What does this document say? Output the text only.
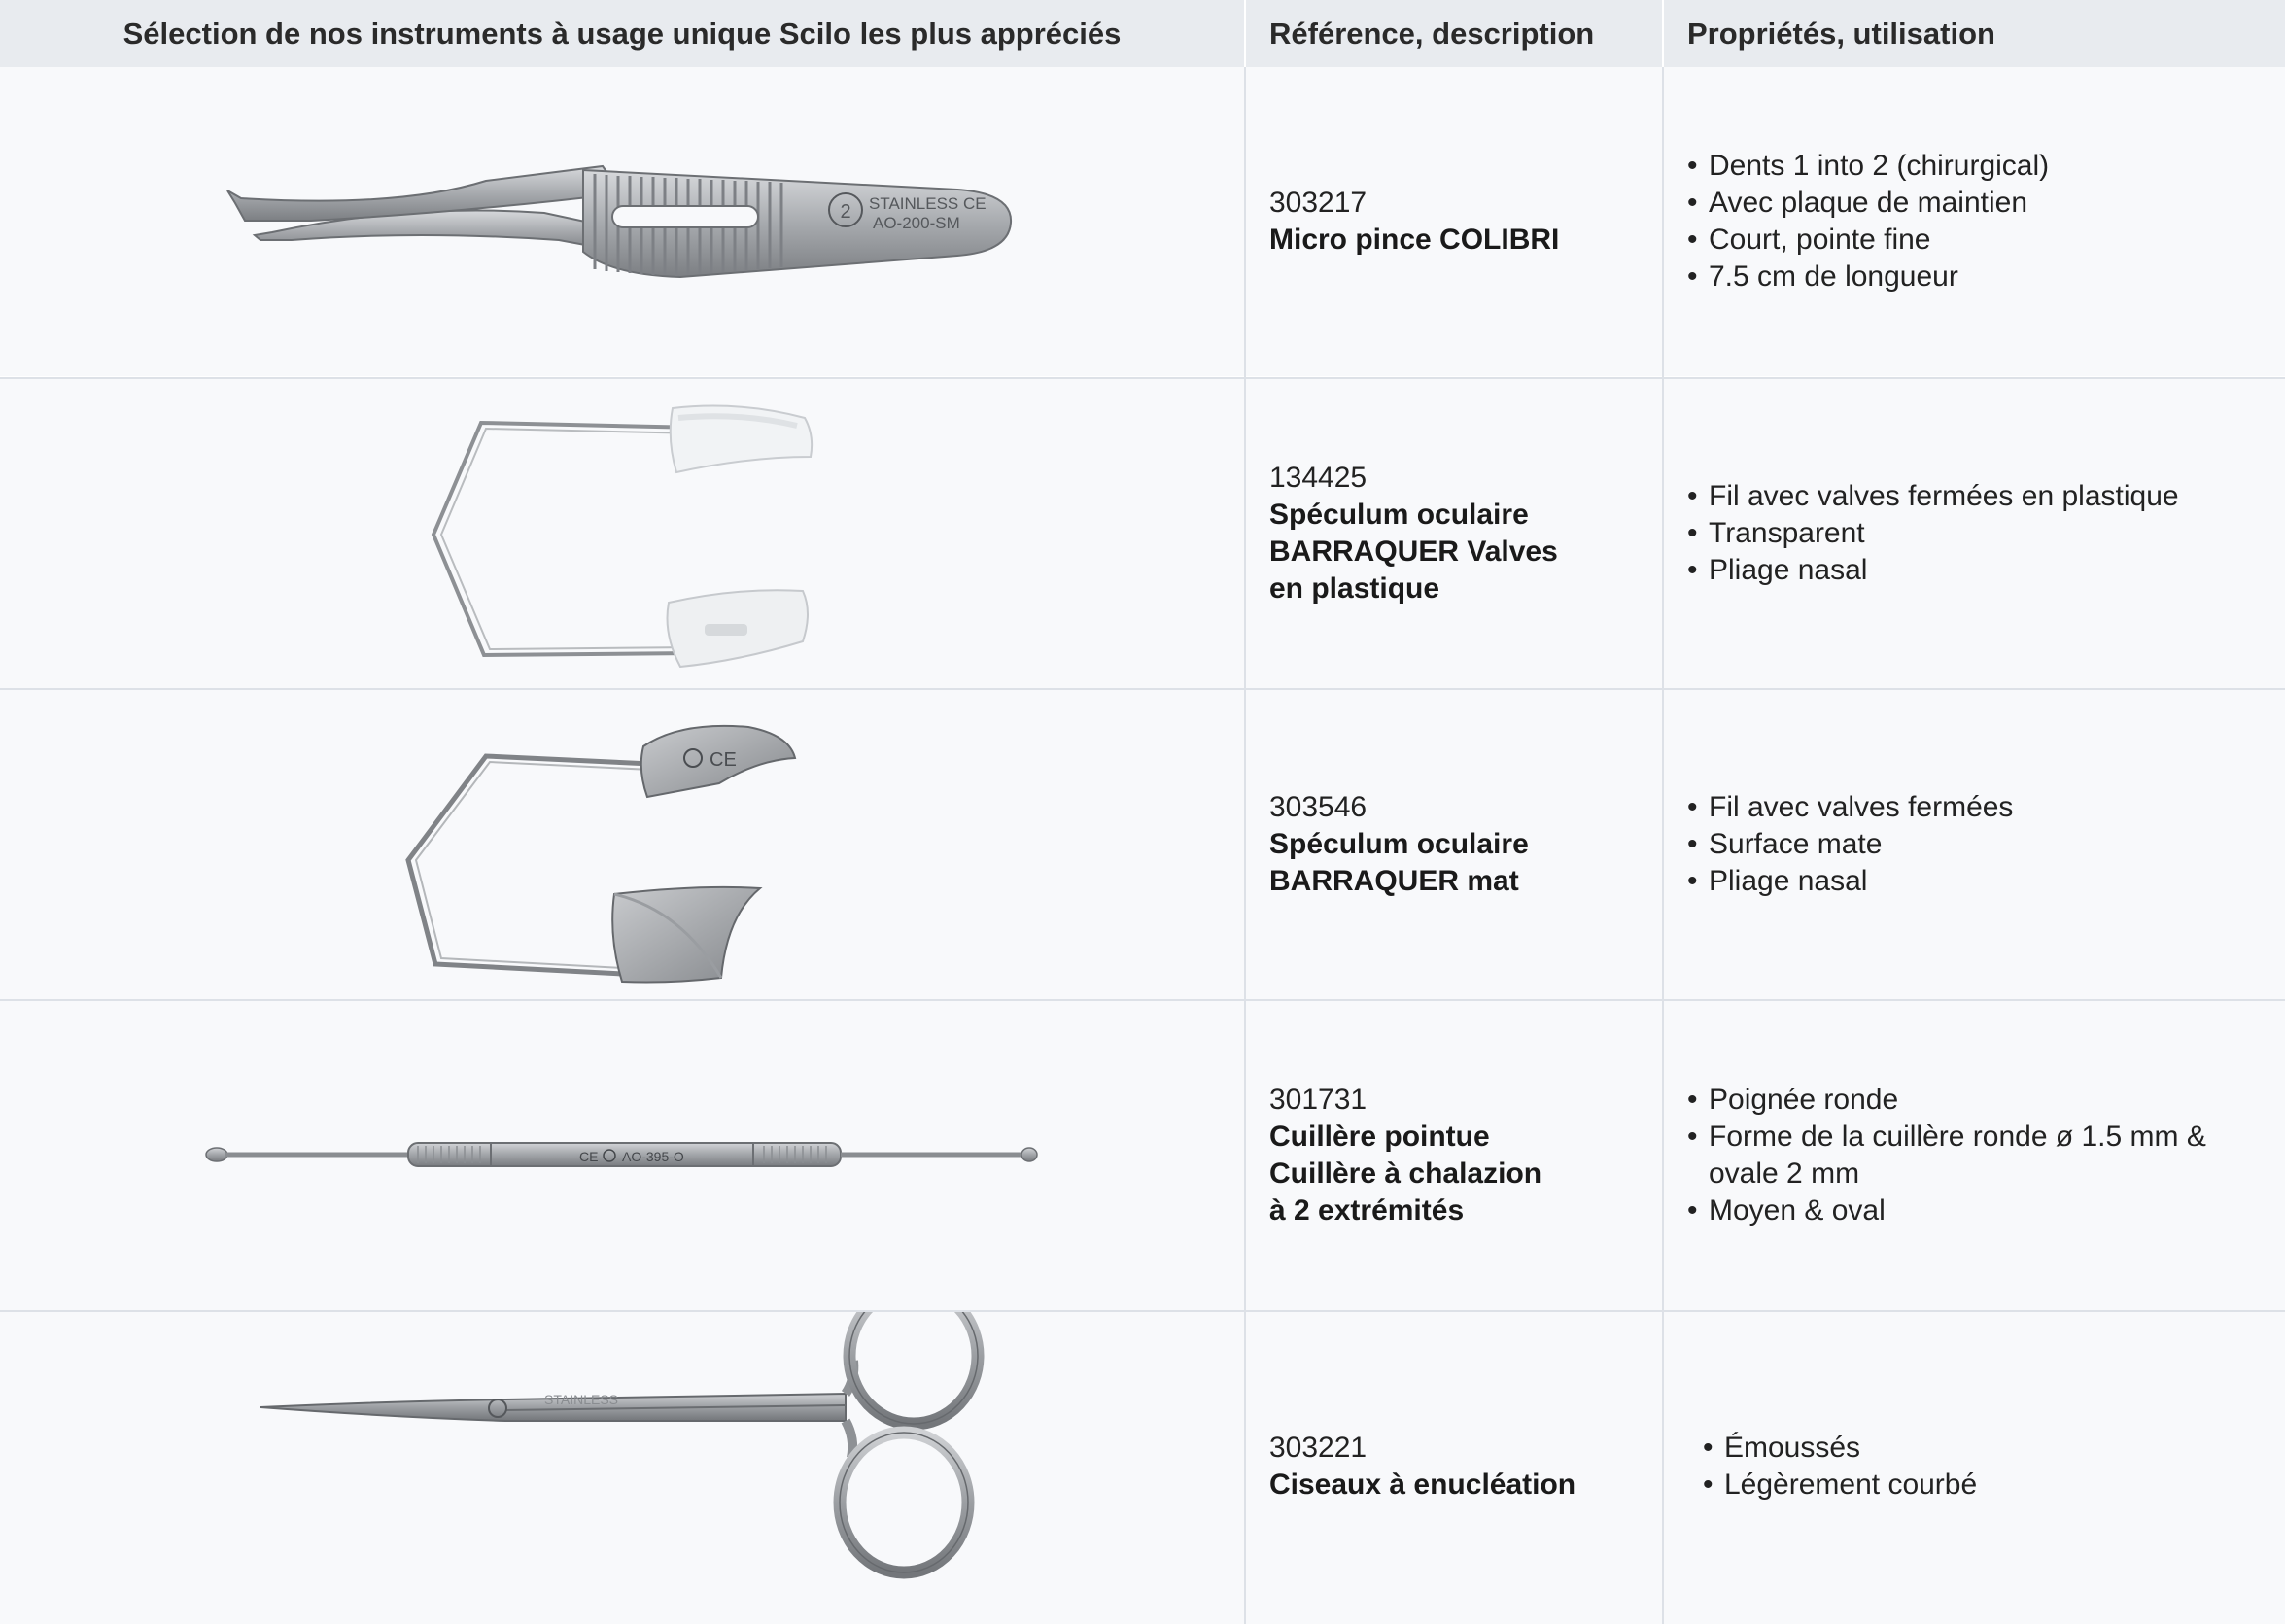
Sélection de nos instruments à usage unique Scilo les plus appréciés	Référence, description	Propriétés, utilisation
2 STAINLESS CE
AO-200-SM
303217
Micro pince COLIBRI
• Dents 1 into 2 (chirurgical)
• Avec plaque de maintien
• Court, pointe fine
• 7.5 cm de longueur
134425
Spéculum oculaire
BARRAQUER Valves
en plastique
• Fil avec valves fermées en plastique
• Transparent
• Pliage nasal
CE
303546
Spéculum oculaire
BARRAQUER mat
• Fil avec valves fermées
• Surface mate
• Pliage nasal
CE AO-395-O
301731
Cuillère pointue
Cuillère à chalazion
à 2 extrémités
• Poignée ronde
• Forme de la cuillère ronde ø 1.5 mm & ovale 2 mm
• Moyen & oval
STAINLESS
303221
Ciseaux à enucléation
• Émoussés
• Légèrement courbé
